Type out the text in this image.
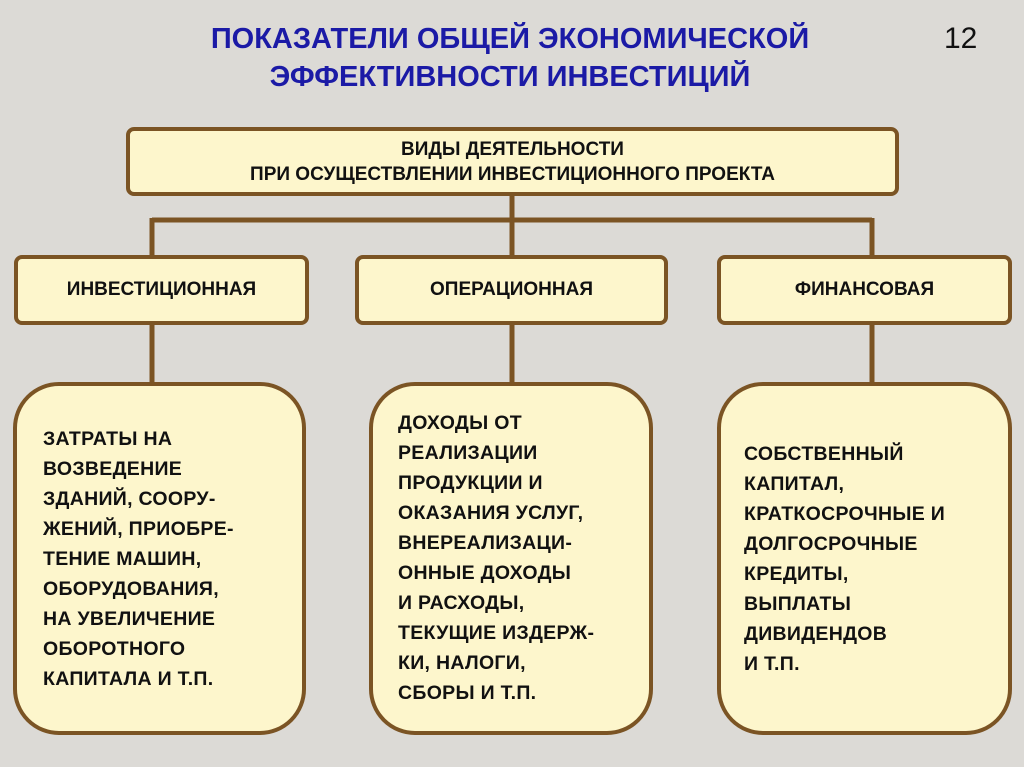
ПОКАЗАТЕЛИ ОБЩЕЙ ЭКОНОМИЧЕСКОЙ
ЭФФЕКТИВНОСТИ ИНВЕСТИЦИЙ
12
ВИДЫ ДЕЯТЕЛЬНОСТИ
ПРИ ОСУЩЕСТВЛЕНИИ ИНВЕСТИЦИОННОГО ПРОЕКТА
ИНВЕСТИЦИОННАЯ	ОПЕРАЦИОННАЯ	ФИНАНСОВАЯ
ЗАТРАТЫ НА
ВОЗВЕДЕНИЕ
ЗДАНИЙ, СООРУ-
ЖЕНИЙ, ПРИОБРЕ-
ТЕНИЕ МАШИН,
ОБОРУДОВАНИЯ,
НА УВЕЛИЧЕНИЕ
ОБОРОТНОГО
КАПИТАЛА И Т.П.
ДОХОДЫ ОТ
РЕАЛИЗАЦИИ
ПРОДУКЦИИ И
ОКАЗАНИЯ УСЛУГ,
ВНЕРЕАЛИЗАЦИ-
ОННЫЕ ДОХОДЫ
И РАСХОДЫ,
ТЕКУЩИЕ ИЗДЕРЖ-
КИ, НАЛОГИ,
СБОРЫ И Т.П.
СОБСТВЕННЫЙ
КАПИТАЛ,
КРАТКОСРОЧНЫЕ И
ДОЛГОСРОЧНЫЕ
КРЕДИТЫ,
ВЫПЛАТЫ
ДИВИДЕНДОВ
И Т.П.
